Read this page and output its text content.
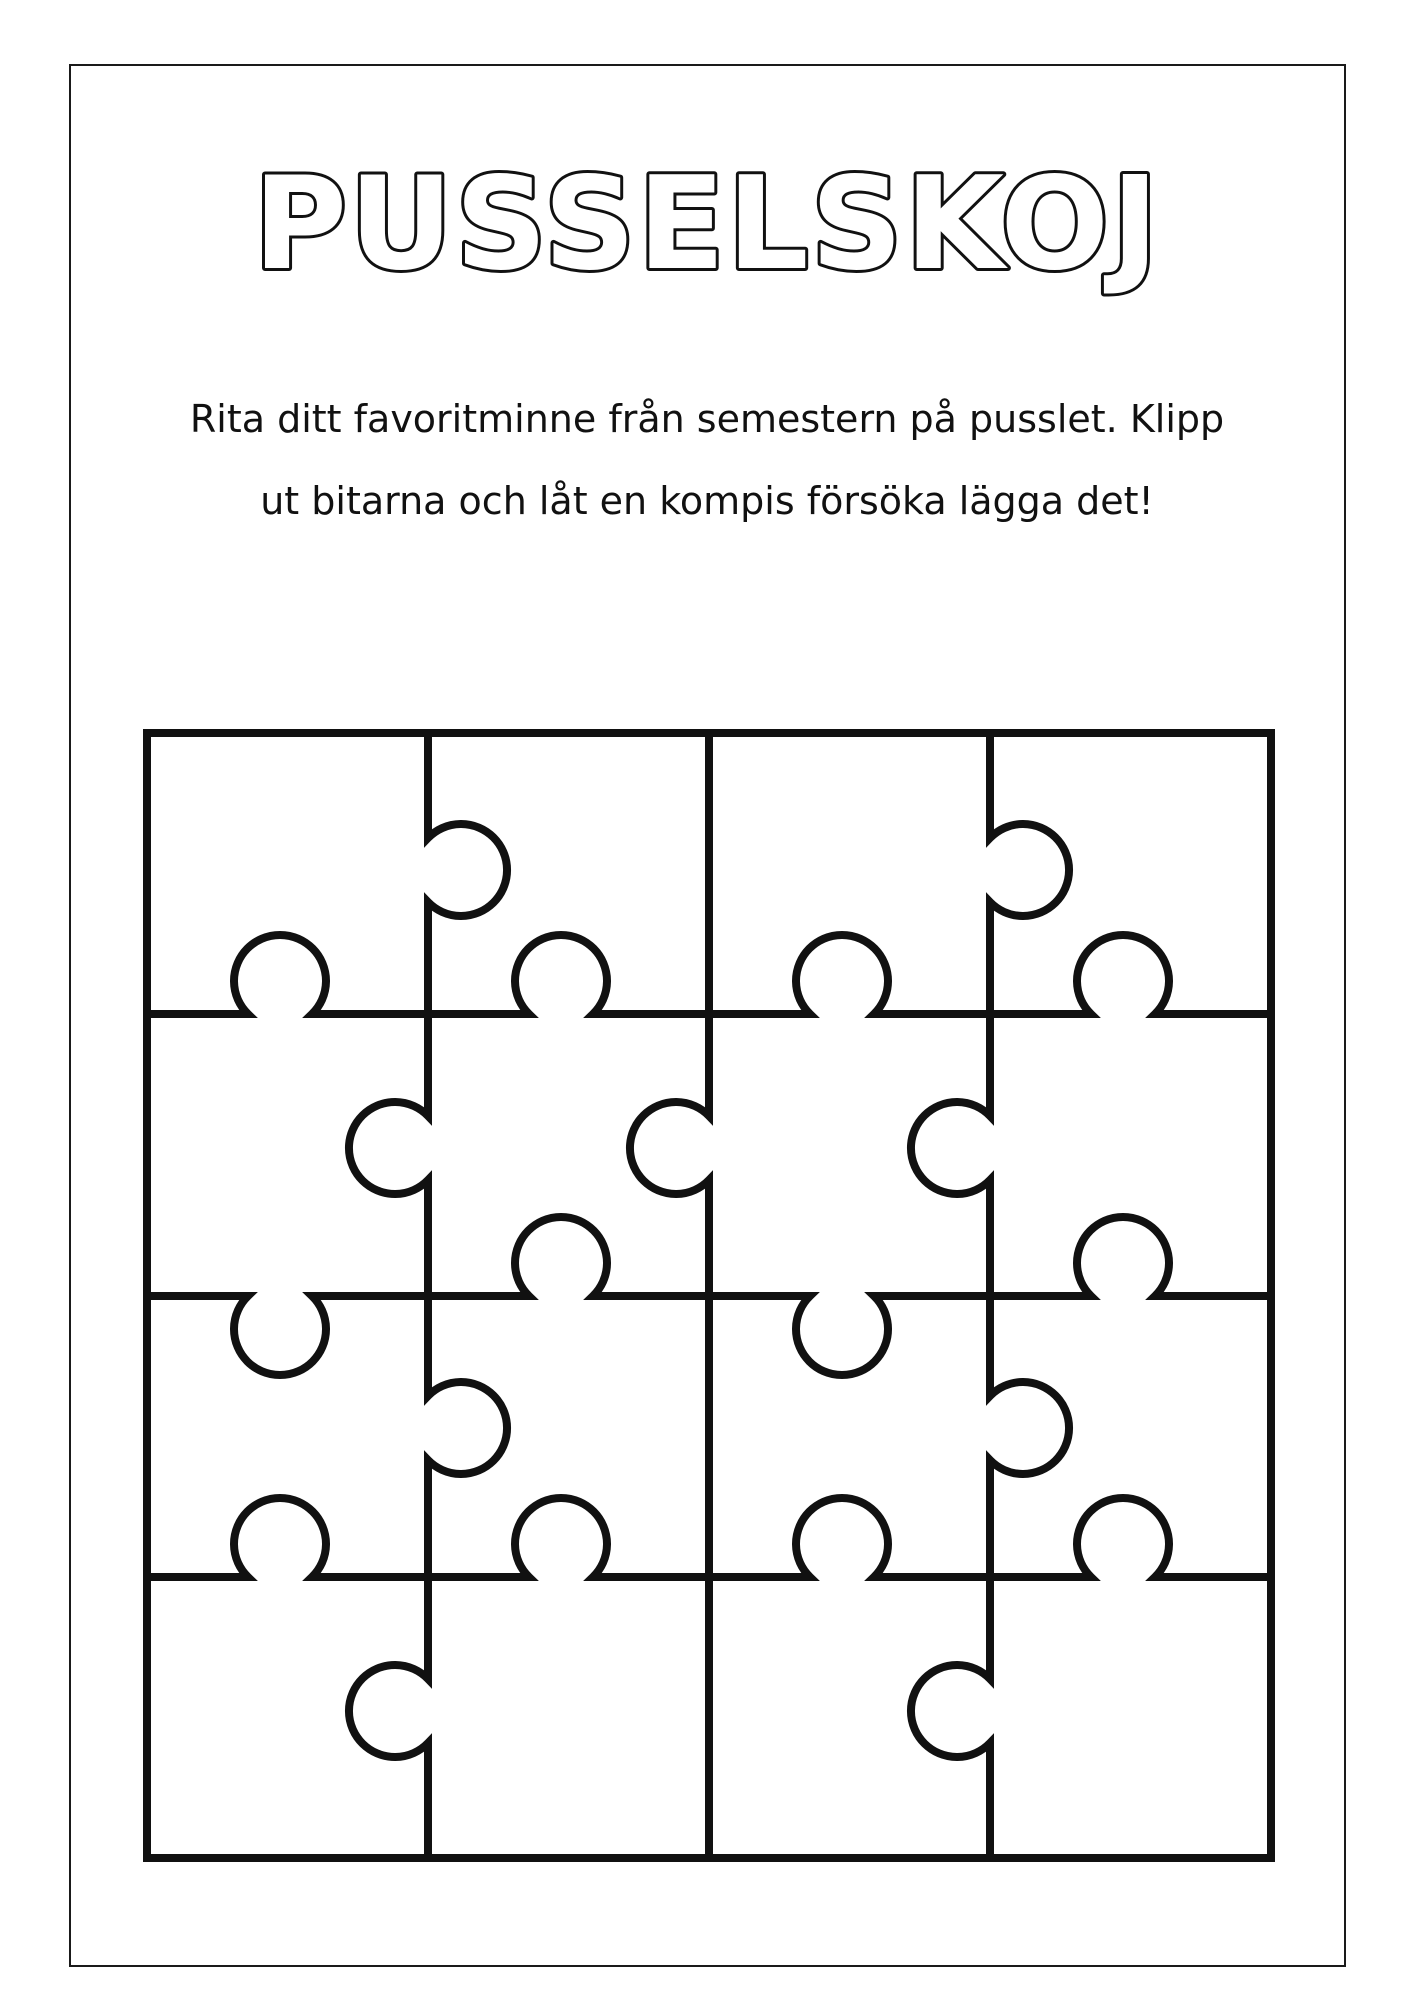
PUSSELSKOJ
Rita ditt favoritminne från semestern på pusslet. Klipp
ut bitarna och låt en kompis försöka lägga det!
